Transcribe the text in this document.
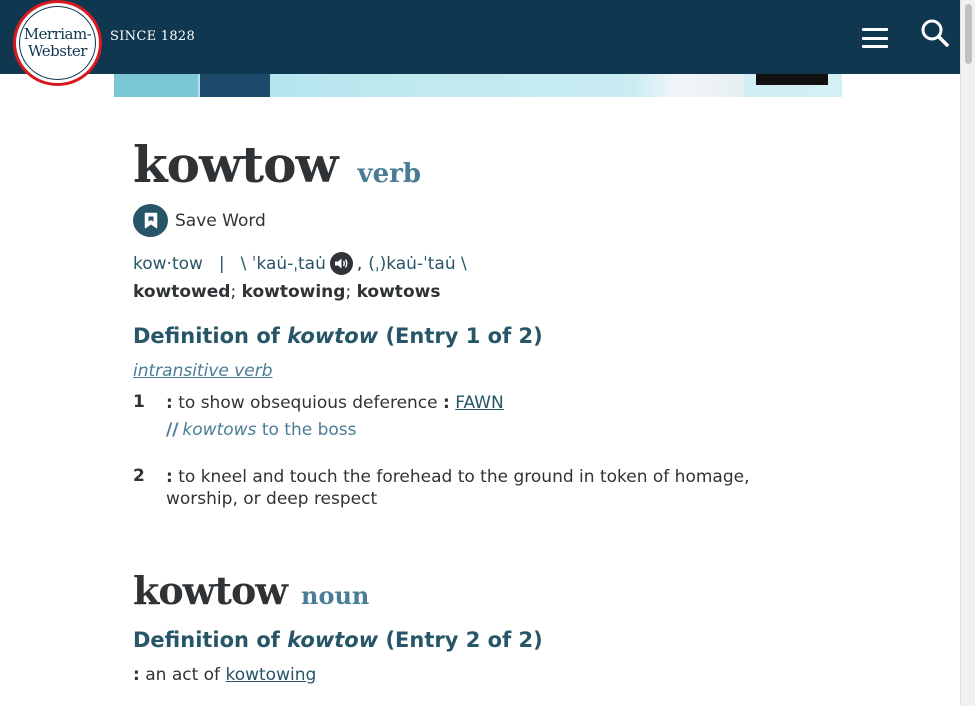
SINCE 1828
Merriam-
Webster
kowtow verb
Save Word
kow·tow | \ ˈkau̇-ˌtau̇ , (ˌ)kau̇-ˈtau̇ \
kowtowed; kowtowing; kowtows
Definition of kowtow (Entry 1 of 2)
intransitive verb
1 : to show obsequious deference : FAWN
// kowtows to the boss
2 : to kneel and touch the forehead to the ground in token of homage, worship, or deep respect
kowtow noun
Definition of kowtow (Entry 2 of 2)
: an act of kowtowing
